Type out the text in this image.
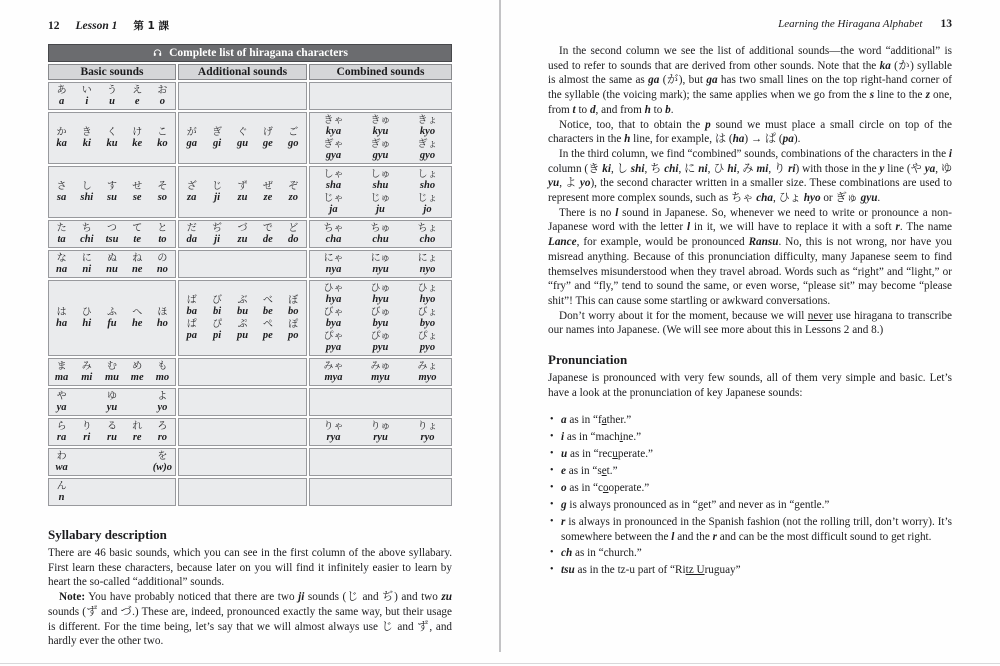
12 Lesson 1 第 1 課
Complete list of hiragana characters
Basic sounds	Additional sounds	Combined sounds
あ
a
い
i
う
u
え
e
お
o
か
ka
き
ki
く
ku
け
ke
こ
ko
が
ga
ぎ
gi
ぐ
gu
げ
ge
ご
go
きゃ
kya
きゅ
kyu
きょ
kyo
ぎゃ
gya
ぎゅ
gyu
ぎょ
gyo
さ
sa
し
shi
す
su
せ
se
そ
so
ざ
za
じ
ji
ず
zu
ぜ
ze
ぞ
zo
しゃ
sha
しゅ
shu
しょ
sho
じゃ
ja
じゅ
ju
じょ
jo
た
ta
ち
chi
つ
tsu
て
te
と
to
だ
da
ぢ
ji
づ
zu
で
de
ど
do
ちゃ
cha
ちゅ
chu
ちょ
cho
な
na
に
ni
ぬ
nu
ね
ne
の
no
にゃ
nya
にゅ
nyu
にょ
nyo
は
ha
ひ
hi
ふ
fu
へ
he
ほ
ho
ば
ba
び
bi
ぶ
bu
べ
be
ぼ
bo
ぱ
pa
ぴ
pi
ぷ
pu
ぺ
pe
ぽ
po
ひゃ
hya
ひゅ
hyu
ひょ
hyo
びゃ
bya
びゅ
byu
びょ
byo
ぴゃ
pya
ぴゅ
pyu
ぴょ
pyo
ま
ma
み
mi
む
mu
め
me
も
mo
みゃ
mya
みゅ
myu
みょ
myo
や
ya
ゆ
yu
よ
yo
ら
ra
り
ri
る
ru
れ
re
ろ
ro
りゃ
rya
りゅ
ryu
りょ
ryo
わ
wa
を
(w)o
ん
n
Syllabary description

There are 46 basic sounds, which you can see in the first column of the above syllabary. First learn these characters, because later on you will find it infinitely easier to learn by heart the so-called “additional” sounds.

Note: You have probably noticed that there are two ji sounds (じ and ぢ) and two zu sounds (ず and づ.) These are, indeed, pronounced exactly the same way, but their usage is different. For the time being, let’s say that we will almost always use じ and ず, and hardly ever the other two.

Learning the Hiragana Alphabet 13

In the second column we see the list of additional sounds—the word “additional” is used to refer to sounds that are derived from other sounds. Note that the ka (か) syllable is almost the same as ga (が), but ga has two small lines on the top right-hand corner of the syllable (the voicing mark); the same applies when we go from the s line to the z one, from t to d, and from h to b.

Notice, too, that to obtain the p sound we must place a small circle on top of the characters in the h line, for example, は (ha) → ぱ (pa).

In the third column, we find “combined” sounds, combinations of the characters in the i column (き ki, し shi, ち chi, に ni, ひ hi, み mi, り ri) with those in the y line (や ya, ゆ yu, よ yo), the second character written in a smaller size. These combinations are used to represent more complex sounds, such as ちゃ cha, ひょ hyo or ぎゅ gyu.

There is no l sound in Japanese. So, whenever we need to write or pronounce a non-Japanese word with the letter l in it, we will have to replace it with a soft r. The name Lance, for example, would be pronounced Ransu. No, this is not wrong, nor have you misread anything. Because of this pronunciation difficulty, many Japanese seem to find themselves misunderstood when they travel abroad. Words such as “right” and “light,” or “fry” and “fly,” tend to sound the same, or even worse, “please sit” may become “please shit”! This can cause some startling or awkward conversations.

Don’t worry about it for the moment, because we will never use hiragana to transcribe our names into Japanese. (We will see more about this in Lessons 2 and 8.)

Pronunciation

Japanese is pronounced with very few sounds, all of them very simple and basic. Let’s have a look at the pronunciation of key Japanese sounds:

• a as in “father.”
• i as in “machine.”
• u as in “recuperate.”
• e as in “set.”
• o as in “cooperate.”
• g is always pronounced as in “get” and never as in “gentle.”
• r is always in pronounced in the Spanish fashion (not the rolling trill, don’t worry). It’s somewhere between the l and the r and can be the most difficult sound to get right.
• ch as in “church.”
• tsu as in the tz-u part of “Ritz Uruguay”
